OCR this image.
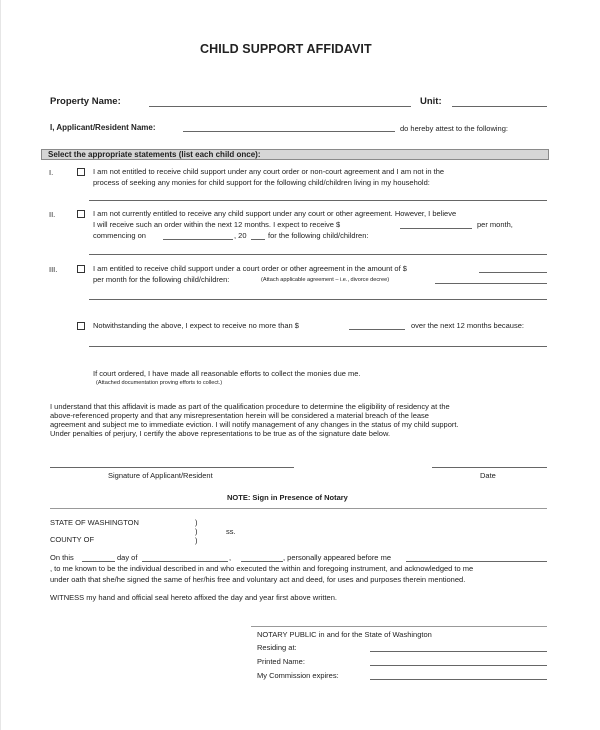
CHILD SUPPORT AFFIDAVIT
Property Name:	Unit:
I, Applicant/Resident Name:	do hereby attest to the following:
Select the appropriate statements (list each child once):
I.	I am not entitled to receive child support under any court order or non-court agreement and I am not in the
process of seeking any monies for child support for the following child/children living in my household:
II.	I am not currently entitled to receive any child support under any court or other agreement. However, I believe
I will receive such an order within the next 12 months. I expect to receive $	per month,
commencing on	, 20	for the following child/children:
III.	I am entitled to receive child support under a court order or other agreement in the amount of $
per month for the following child/children:	(Attach applicable agreement – i.e., divorce decree)
Notwithstanding the above, I expect to receive no more than $	over the next 12 months because:
If court ordered, I have made all reasonable efforts to collect the monies due me.
(Attached documentation proving efforts to collect.)
I understand that this affidavit is made as part of the qualification procedure to determine the eligibility of residency at the
above-referenced property and that any misrepresentation herein will be considered a material breach of the lease
agreement and subject me to immediate eviction. I will notify management of any changes in the status of my child support.
Under penalties of perjury, I certify the above representations to be true as of the signature date below.
Signature of Applicant/Resident	Date
NOTE: Sign in Presence of Notary
STATE OF WASHINGTON	)
)	ss.
COUNTY OF	)
On this	day of	,	, personally appeared before me
, to me known to be the individual described in and who executed the within and foregoing instrument, and acknowledged to me
under oath that she/he signed the same of her/his free and voluntary act and deed, for uses and purposes therein mentioned.
WITNESS my hand and official seal hereto affixed the day and year first above written.
NOTARY PUBLIC in and for the State of Washington
Residing at:
Printed Name:
My Commission expires:
